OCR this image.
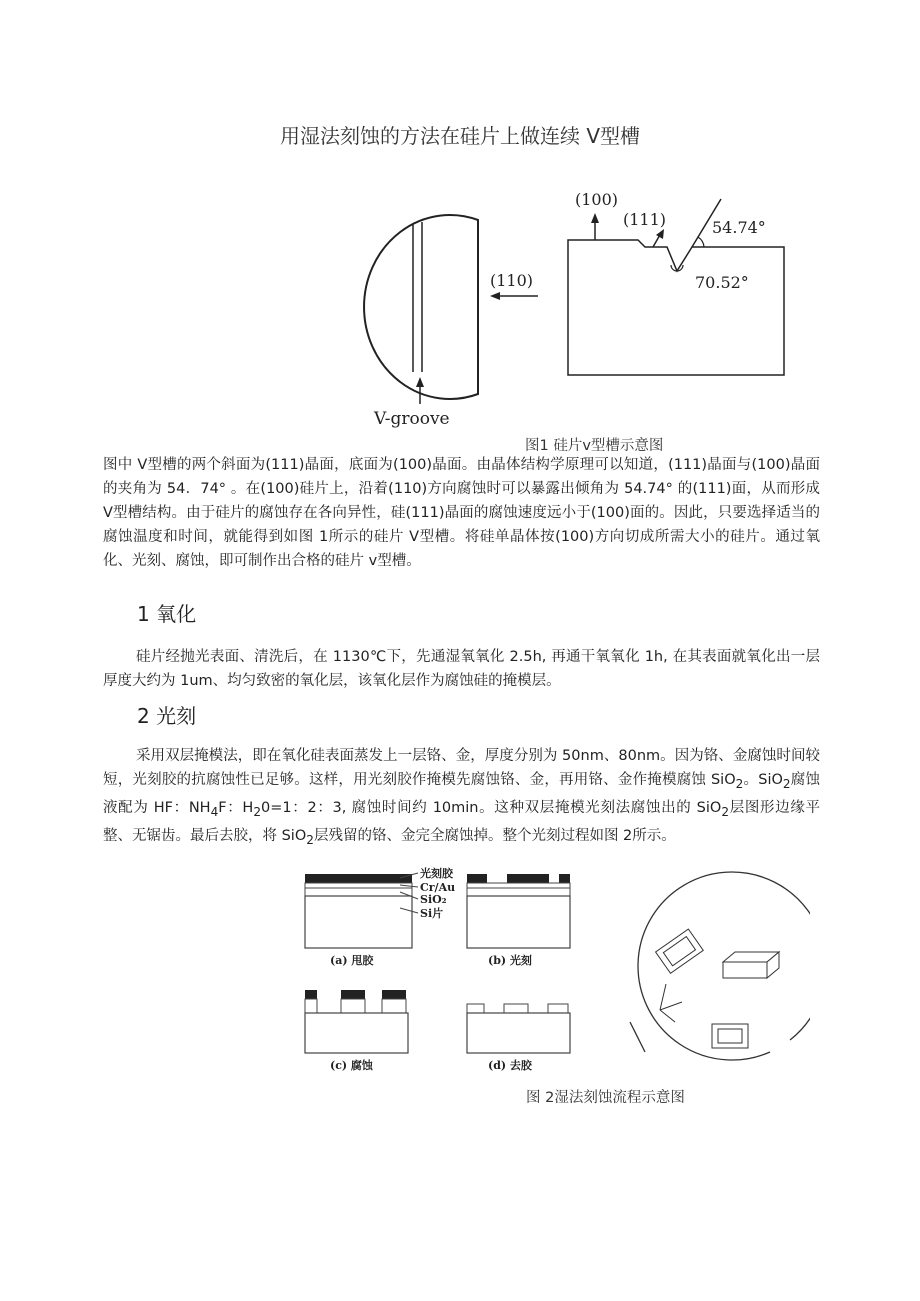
用湿法刻蚀的方法在硅片上做连续 V型槽
(110)
V-groove
(100)
(111)	54.74°
70.52°
图1 硅片v型槽示意图

图中 V型槽的两个斜面为(111)晶面，底面为(100)晶面。由晶体结构学原理可以知道，(111)晶面与(100)晶面的夹角为 54．74° 。在(100)硅片上，沿着(110)方向腐蚀时可以暴露出倾角为 54.74° 的(111)面，从而形成 V型槽结构。由于硅片的腐蚀存在各向异性，硅(111)晶面的腐蚀速度远小于(100)面的。因此，只要选择适当的腐蚀温度和时间，就能得到如图 1所示的硅片 V型槽。将硅单晶体按(100)方向切成所需大小的硅片。通过氧化、光刻、腐蚀，即可制作出合格的硅片 v型槽。

1 氧化

硅片经抛光表面、清洗后，在 1130℃下，先通湿氧氧化 2.5h, 再通干氧氧化 1h, 在其表面就氧化出一层厚度大约为 1um、均匀致密的氧化层，该氧化层作为腐蚀硅的掩模层。

2 光刻

采用双层掩模法，即在氧化硅表面蒸发上一层铬、金，厚度分别为 50nm、80nm。因为铬、金腐蚀时间较短，光刻胶的抗腐蚀性已足够。这样，用光刻胶作掩模先腐蚀铬、金，再用铬、金作掩模腐蚀 SiO$_2$。SiO$_2$腐蚀液配为 HF：$NH_4F$：$H_20=1$：2：3, 腐蚀时间约 10min。这种双层掩模光刻法腐蚀出的 SiO$_2$层图形边缘平整、无锯齿。最后去胶，将 SiO$_2$层残留的铬、金完全腐蚀掉。整个光刻过程如图 2所示。

光刻胶
Cr/Au
SiO₂
Si片
(a) 甩胶	(b) 光刻
(c) 腐蚀	(d) 去胶
图 2湿法刻蚀流程示意图
